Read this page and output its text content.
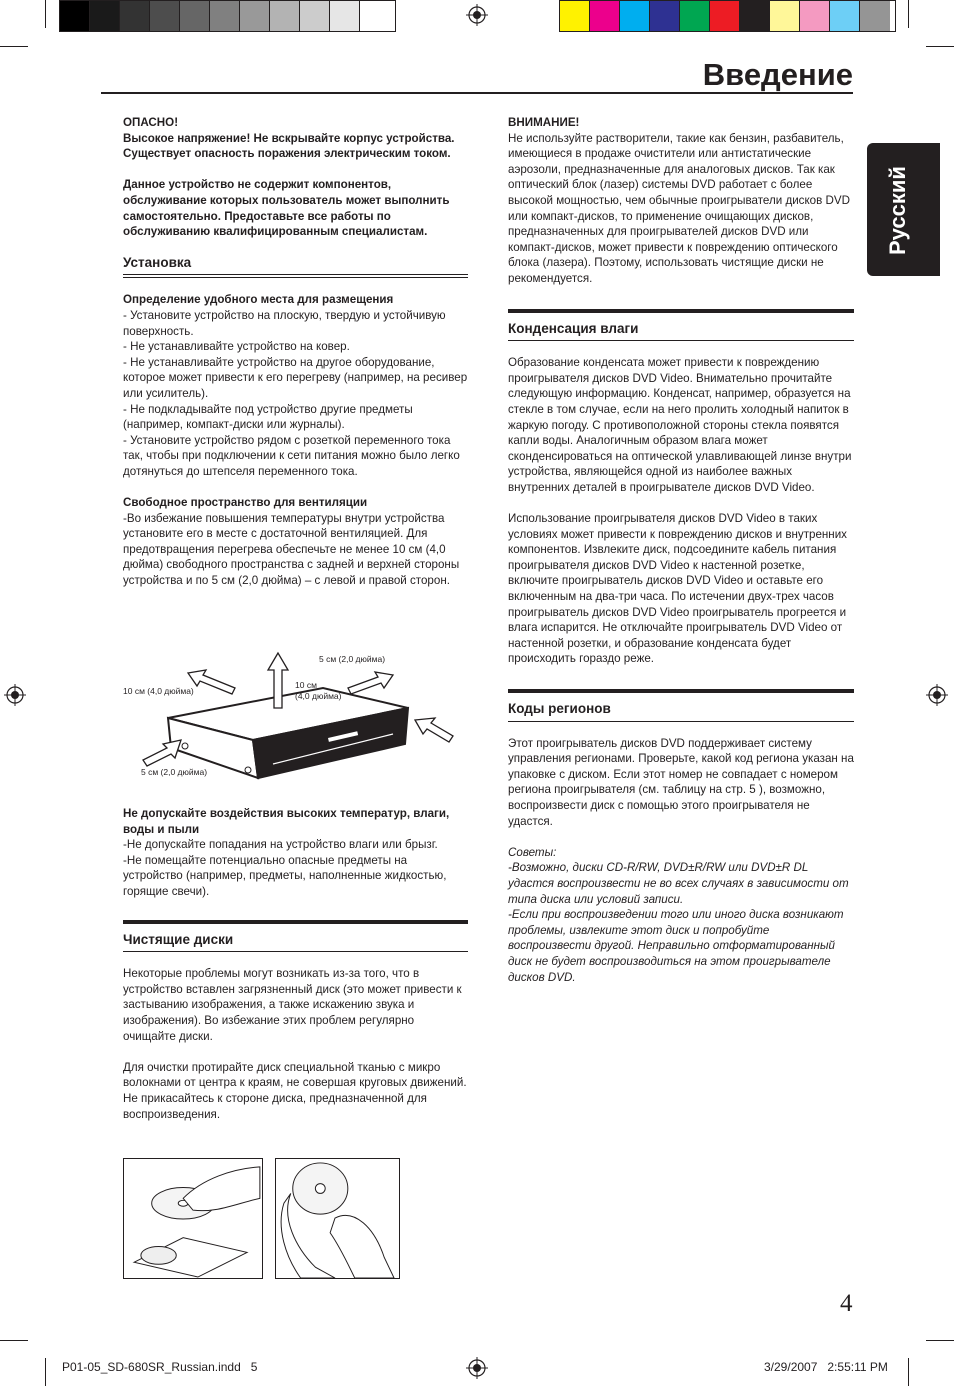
Введение
Русский

ОПАСНО!

Высокое напряжение! Не вскрывайте корпус устройства. Существует опасность поражения электрическим током.

Данное устройство не содержит компонентов, обслуживание которых пользователь может выполнить самостоятельно. Предоставьте все работы по обслуживанию квалифицированным специалистам.

Установка

Определение удобного места для размещения

- Установите устройство на плоскую, твердую и устойчивую поверхность.

- Не устанавливайте устройство на ковер.

- Не устанавливайте устройство на другое оборудование, которое может привести к его перегреву (например, на ресивер или усилитель).

- Не подкладывайте под устройство другие предметы (например, компакт-диски или журналы).

- Установите устройство рядом с розеткой переменного тока так, чтобы при подключении к сети питания можно было легко дотянуться до штепселя переменного тока.

Свободное пространство для вентиляции

-Во избежание повышения температуры внутри устройства установите его в месте с достаточной вентиляцией. Для предотвращения перегрева обеспечьте не менее 10 см (4,0 дюйма) свободного пространства с задней и верхней стороны устройства и по 5 см (2,0 дюйма) – с левой и правой сторон.

5 см (2,0 дюйма)
10 см (4,0 дюйма)
10 см
(4,0 дюйма)
5 см (2,0 дюйма)

Не допускайте воздействия высоких температур, влаги, воды и пыли

-Не допускайте попадания на устройство влаги или брызг.

-Не помещайте потенциально опасные предметы на устройство (например, предметы, наполненные жидкостью, горящие свечи).

Чистящие диски

Некоторые проблемы могут возникать из-за того, что в устройство вставлен загрязненный диск (это может привести к застыванию изображения, а также искажению звука и изображения). Во избежание этих проблем регулярно очищайте диски.

Для очистки протирайте диск специальной тканью с микро волокнами от центра к краям, не совершая круговых движений. Не прикасайтесь к стороне диска, предназначенной для воспроизведения.

ВНИМАНИЕ!

Не используйте растворители, такие как бензин, разбавитель, имеющиеся в продаже очистители или антистатические аэрозоли, предназначенные для аналоговых дисков. Так как оптический блок (лазер) системы DVD работает с более высокой мощностью, чем обычные проигрыватели дисков DVD или компакт-дисков, то применение очищающих дисков, предназначенных для проигрывателей дисков DVD или компакт-дисков, может привести к повреждению оптического блока (лазера). Поэтому, использовать чистящие диски не рекомендуется.

Конденсация влаги

Образование конденсата может привести к повреждению проигрывателя дисков DVD Video. Внимательно прочитайте следующую информацию. Конденсат, например, образуется на стекле в том случае, если на него пролить холодный напиток в жаркую погоду. С противоположной стороны стекла появятся капли воды. Аналогичным образом влага может сконденсироваться на оптической улавливающей линзе внутри устройства, являющейся одной из наиболее важных внутренних деталей в проигрывателе дисков DVD Video.

Использование проигрывателя дисков DVD Video в таких условиях может привести к повреждению дисков и внутренних компонентов. Извлеките диск, подсоедините кабель питания проигрывателя дисков DVD Video к настенной розетке, включите проигрыватель дисков DVD Video и оставьте его включенным на два-три часа. По истечении двух-трех часов проигрыватель дисков DVD Video проигрыватель прогреется и влага испарится. Не отключайте проигрыватель DVD Video от настенной розетки, и образование конденсата будет происходить гораздо реже.

Коды регионов

Этот проигрыватель дисков DVD поддерживает систему управления регионами. Проверьте, какой код региона указан на упаковке с диском. Если этот номер не совпадает с номером региона проигрывателя (см. таблицу на стр. 5 ), возможно, воспроизвести диск с помощью этого проигрывателя не удастся.

Советы:

-Возможно, диски CD-R/RW, DVD±R/RW или DVD±R DL удастся воспроизвести не во всех случаях в зависимости от типа диска или условий записи.

-Если при воспроизведении того или иного диска возникают проблемы, извлеките этот диск и попробуйте воспроизвести другой. Неправильно отформатированный диск не будет воспроизводиться на этом проигрывателе дисков DVD.

4
P01-05_SD-680SR_Russian.indd   5	3/29/2007   2:55:11 PM
